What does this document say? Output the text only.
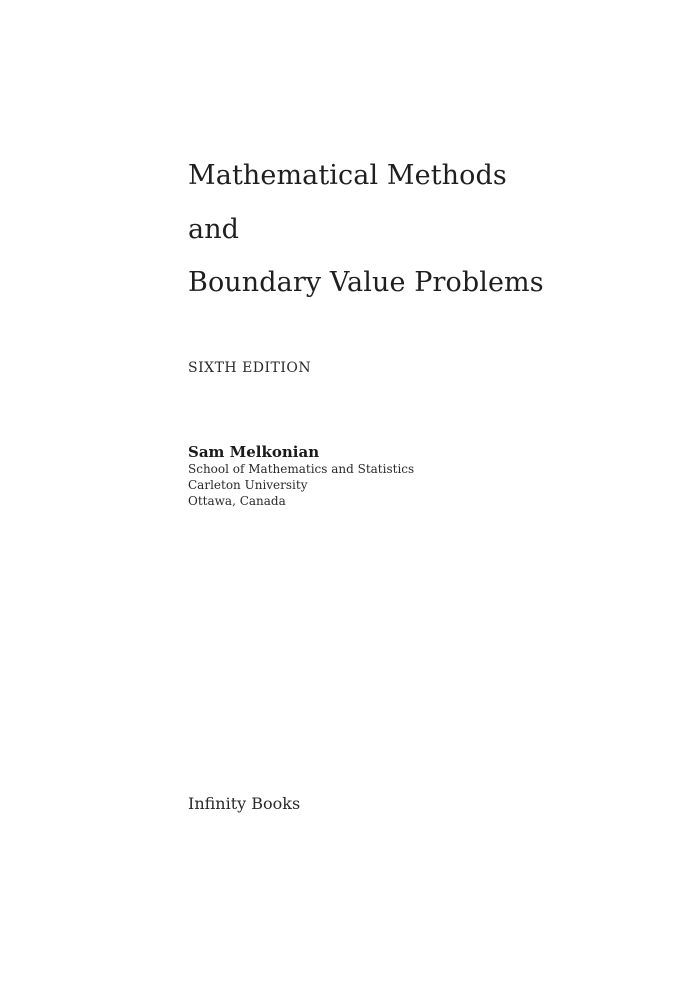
Mathematical Methods
and
Boundary Value Problems
SIXTH EDITION
Sam Melkonian
School of Mathematics and Statistics
Carleton University
Ottawa, Canada
Infinity Books
